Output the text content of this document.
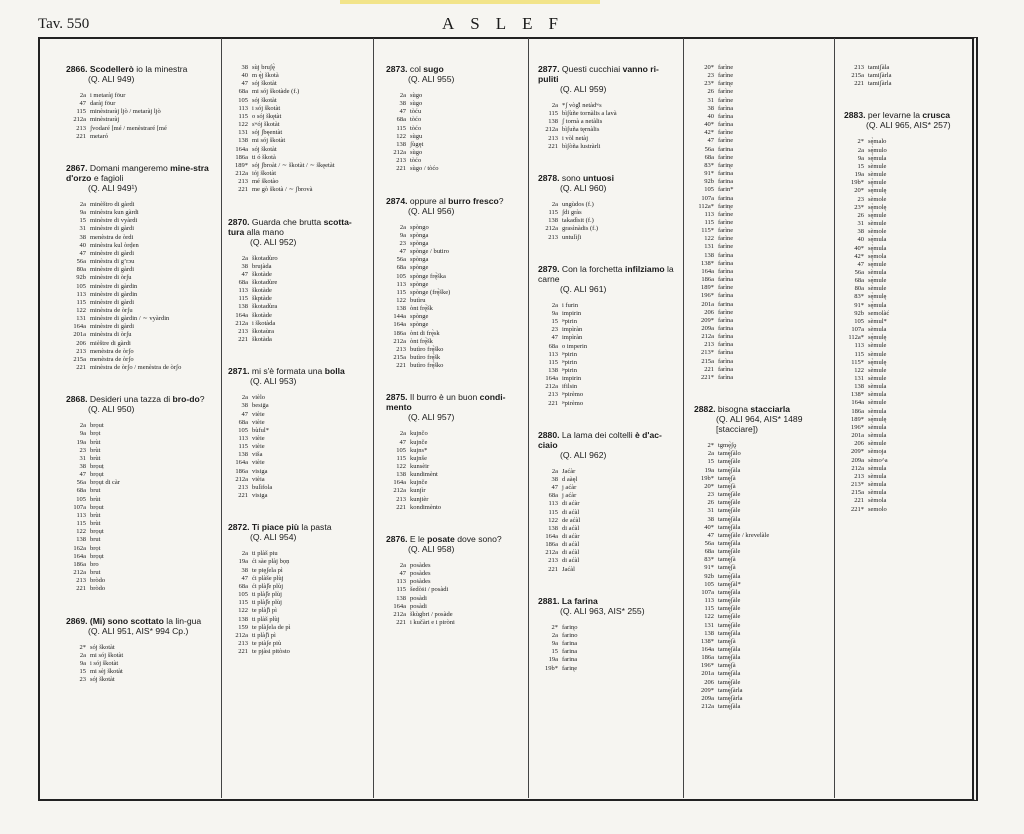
Tav. 550	ASLEF
2866. Scodellerò io la minestra
(Q. ALI 949)
2a i metaràj fōur
47 daràj fōur
115 minèstraràj ljò / metaràj ljò
212a minèstraràj
213 ʃvodaré [mé / menèstraré [mé
221 metaró
2867. Domani mangeremo mine-stra d'orzo e fagioli
(Q. ALI 949¹)
2a minèštro di gàrdi
9a minèstra kun gàrdi
15 minèstre di vyàrdi
31 minèstre di gàrdi
38 menèstra de òrdi
40 minèstra kul òrḑen
47 minèstre di gàrdi
56a minèstra di gʼrɔu
80a minèstre di gàrdi
92b minèstre di òrʃu
105 minèstre di gàrdin
113 minèstre di gàrdin
115 minèstre di gàrdi
122 minèstra de òrʃu
131 minèstre di gàrdin / ∼ vyàrdin
164a minèstre di gàrdi
201a minèstra di òrʃu
206 mièštre di gàrdi
213 menèstra de òrʃo
215a menèstra de òrʃo
221 minèstra de òrʃo / menèstra de òrʃo
2868. Desideri una tazza di bro-do?
(Q. ALI 950)
2a brọut
9a brọt
19a brùt
23 brùt
31 brùt
38 brọuṭ
47 brọụt
56a brọụt di càr
68a brut
105 brùt
107a brọut
113 brùt
115 brùt
122 brọụt
138 brut
162a brọt
164a brọụt
186a bro
212a brut
213 bròdo
221 bròdo
2869. (Mi) sono scottato la lin-gua
(Q. ALI 951, AIS* 994 Cp.)
2* sój škotàt
2a mi sój škotàt
9a i sój škotàt
15 mi sèj škotàt
23 sój škotàt
38 sùj bruʃę̀
40 m ę̀j škotà
47 sój škotàt
68a mi sój škotàde (f.)
105 sój škotàt
113 i sój škotàt
115 o sój škętàt
122 sʷój škotàt
131 sój ʃbęentàt
138 mi sój škotàt
164a sój škotàt
186a ti ó škotà
189* sój ʃbroàt / ∼ škotàt / ∼ škęetàt
212a iój škotàt
213 mé škotào
221 me gò škotà / ∼ ʃbrovà
2870. Guarda che brutta scotta-tura alla mano
(Q. ALI 952)
2a škotadùro
38 brujàda
47 škotàde
68a škotadùre
113 škotàde
115 škptàde
138 škotadùra
164a škotàde
212a i škotàda
213 škotaùra
221 škotàda
2871. mi s'è formata una bolla
(Q. ALI 953)
2a vièlo
38 besiḡa
47 vièie
68a vièie
105 bùful*
113 vièie
115 vièie
138 viša
164a vièie
186a visiga
212a vièia
213 bulìfola
221 visiga
2872. Ti piace più la pasta
(Q. ALI 954)
2a ti plàš piu
19a ći sàe plàj bọṇ
38 te pięʃela pì
47 ći plàše plùj
68a ći plàʃ̌e plùj
105 ti plàʃ̌e plùj
115 ti plàʃ̌e plùj
122 te plàʃ̌i pì
138 ti plàš plùj
159 te plàʃela de pì
212a ti plàʃ̌i pì
213 te piàʃe più
221 te pjàsi pitòsto
2873. col sugo
(Q. ALI 955)
2a sùgo
38 sùgo
47 tòću
68a tòćo
115 tòćo
122 sùgu
138 ʃùgęt
212a sùgo
213 tòćo
221 sùgo / tòćo
2874. oppure al burro fresco?
(Q. ALI 956)
2a spòngo
9a spònga
23 spònga
47 spònge / butiro
56a spònga
68a spònge
105 spònge frę̀ška
113 spònge
115 spònge (frę̀ške)
122 butìru
138 ònt frę̀šk
144a spònge
164a spònge
186a ònt di frę̀sk
212a ònt frę̀šk
213 butìro frę̀ško
215a butìro frę̀šk
221 butìro frę̀ško
2875. Il burro è un buon condi-mento
(Q. ALI 957)
2a kujnčo
47 kujnče
105 kujns*
115 kujnše
122 kunsèir
138 kundimènt
164a kujnče
212a kunjìr
213 kunjièr
221 kondimènto
2876. E le posate dove sono?
(Q. ALI 958)
2a posàdes
47 posàdes
113 poṡàdes
115 šedòṡi / posàdi
138 posàdi
164a posàdi
212a škùgbri / posàde
221 i kučàri e i piròni
2877. Questi cucchiai vanno ri-puliti
(Q. ALI 959)
2a *ʃ vòg̊l netàdʷs
115 bìʃùñe tornàlis a lavà
138 ʃ tornà a netàlis
212a bìʃuña tęrnàlis
213 i vòl netàj
221 bìʃòña lustràrli
2878. sono untuosi
(Q. ALI 960)
2a ungùdos (f.)
115 ʃdi gràs
138 takadìsit (f.)
212a grasìnàdis (f.)
213 untulìʃi
2879. Con la forchetta infilziamo la carne
(Q. ALI 961)
2a i furin
9a impirin
15 ʲᵉpirin
23 impìràn
47 impìràn
68a o imperin
113 ʲᵉpirin
115 ʲᵉpirin
138 ʲᵉpirin
164a impirin
212a ifilsin
213 ʲᵉpirèmo
221 ʲᵉpirèmo
2880. La lama dei coltelli è d'ac-ciaio
(Q. ALI 962)
2a Jaćàr
38 d aàęl
47 j aćàr
68a j aćàr
113 di aćàr
115 di aćàl
122 de aćàl
138 di aćàl
164a di aćàr
186a di aćàl
212a di aćàl
213 di aćàl
221 Jaćàl
2881. La farina
(Q. ALI 963, AIS* 255)
2* farin̨o
2a farino
9a farina
15 farina
19a farina
19b* farin̨e
20* farìne
23 farìne
23* farin̨e
26 farìne
31 farìne
38 farìna
40 farìna
40* farìna
42* farìne
47 farìne
56a farina
68a farìne
83* farin̨e
91* farina
92b farina
105 farin*
107a farina
112a* farin̨e
113 farìne
115 farìne
115* farìne
122 farìne
131 farìne
138 farìna
138* farìna
164a farìna
186a farìna
189* farìne
196* farìna
201a farina
206 farìne
209* farìna
209a farina
212a farìna
213 farìna
213* farìna
215a farìna
221 farìna
221* farìna
2882. bisogna stacciarla
(Q. ALI 964, AIS* 1489 [stacciare])
2* tgmę̀ʃǫ
2a tamę̀ʃàlo
15 tamę̀ʃàle
19a tamę̀ʃàla
19b* tamę̀ʃà
20* tamę̀ʃà
23 tamę̀ʃàle
26 tamę̀ʃàle
31 tamę̀ʃàle
38 tamę̀ʃàla
40* tamę̀ʃàla
47 tamę̀ʃàle / krevelàle
56a tamę̀ʃàla
68a tamę̀ʃàle
83* tamę̀ʃà
91* tamę̀ʃà
92b tamę̀ʃàla
105 tamę̀ʃàl*
107a tamę̀ʃàla
113 tamę̀ʃàle
115 tamę̀ʃàle
122 tamę̀ʃàle
131 tamę̀ʃàle
138 tamę̀ʃàla
138* tamę̀ʃà
164a tamę̀ʃàla
186a tamę̀ʃàla
196* tamę̀ʃà
201a tamę̀ʃàla
206 tamę̀ʃàle
209* tamę̀ʃàrla
209a tamę̀ʃàrla
212a tamę̀ʃàla
213 tamiʃàla
215a tamiʃàrla
221 tamiʃàrla
2883. per levarne la crusca
(Q. ALI 965, AIS* 257)
2* sę̀malo
2a sę̀mulo
9a sę̀mula
15 sèmule
19a sèmule
19b* sę̀mule
20* sę̀mulę
23 sèmole
23* sę̀molę
26 sę̀mule
31 sèmule
38 sèmole
40 sę̀mula
40* sę̀mula
42* sę̀mola
47 sę̀mule
56a sèmula
68a sę̀mule
80a sèmule
83* sę̀mulę
91* sę̀mula
92b semolàć
105 sèmul*
107a sèmula
112a* sę̀mulę
113 sèmule
115 sèmule
115* sę̀mulę
122 sèmule
131 sèmule
138 sèmula
138* sèmula
164a sèmule
186a sèmula
189* sę̀mulę
196* sèmula
201a sèmula
206 sèmule
209* sèmoja
209a sèmo^a
212a sèmula
213 sèmula
213* sèmula
215a sèmula
221 sèmola
221* semolo
